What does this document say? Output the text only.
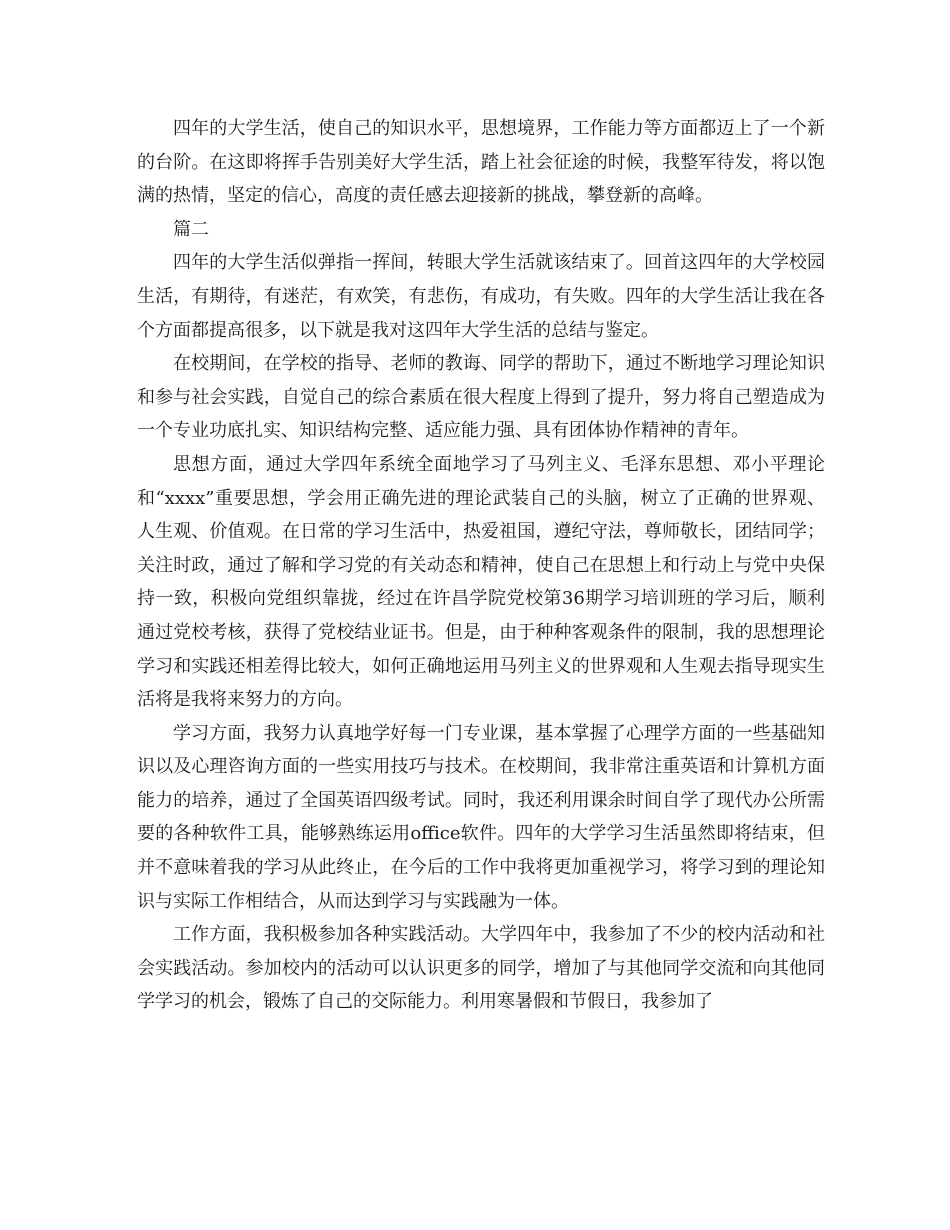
四年的大学生活，使自己的知识水平，思想境界，工作能力等方面都迈上了一个新的台阶。在这即将挥手告别美好大学生活，踏上社会征途的时候，我整军待发，将以饱满的热情，坚定的信心，高度的责任感去迎接新的挑战，攀登新的高峰。

篇二

四年的大学生活似弹指一挥间，转眼大学生活就该结束了。回首这四年的大学校园生活，有期待，有迷茫，有欢笑，有悲伤，有成功，有失败。四年的大学生活让我在各个方面都提高很多，以下就是我对这四年大学生活的总结与鉴定。

在校期间，在学校的指导、老师的教诲、同学的帮助下，通过不断地学习理论知识和参与社会实践，自觉自己的综合素质在很大程度上得到了提升，努力将自己塑造成为一个专业功底扎实、知识结构完整、适应能力强、具有团体协作精神的青年。

思想方面，通过大学四年系统全面地学习了马列主义、毛泽东思想、邓小平理论和“xxxx”重要思想，学会用正确先进的理论武装自己的头脑，树立了正确的世界观、人生观、价值观。在日常的学习生活中，热爱祖国，遵纪守法，尊师敬长，团结同学；关注时政，通过了解和学习党的有关动态和精神，使自己在思想上和行动上与党中央保持一致，积极向党组织靠拢，经过在许昌学院党校第36期学习培训班的学习后，顺利通过党校考核，获得了党校结业证书。但是，由于种种客观条件的限制，我的思想理论学习和实践还相差得比较大，如何正确地运用马列主义的世界观和人生观去指导现实生活将是我将来努力的方向。

学习方面，我努力认真地学好每一门专业课，基本掌握了心理学方面的一些基础知识以及心理咨询方面的一些实用技巧与技术。在校期间，我非常注重英语和计算机方面能力的培养，通过了全国英语四级考试。同时，我还利用课余时间自学了现代办公所需要的各种软件工具，能够熟练运用office软件。四年的大学学习生活虽然即将结束，但并不意味着我的学习从此终止，在今后的工作中我将更加重视学习，将学习到的理论知识与实际工作相结合，从而达到学习与实践融为一体。

工作方面，我积极参加各种实践活动。大学四年中，我参加了不少的校内活动和社会实践活动。参加校内的活动可以认识更多的同学，增加了与其他同学交流和向其他同学学习的机会，锻炼了自己的交际能力。利用寒暑假和节假日，我参加了
